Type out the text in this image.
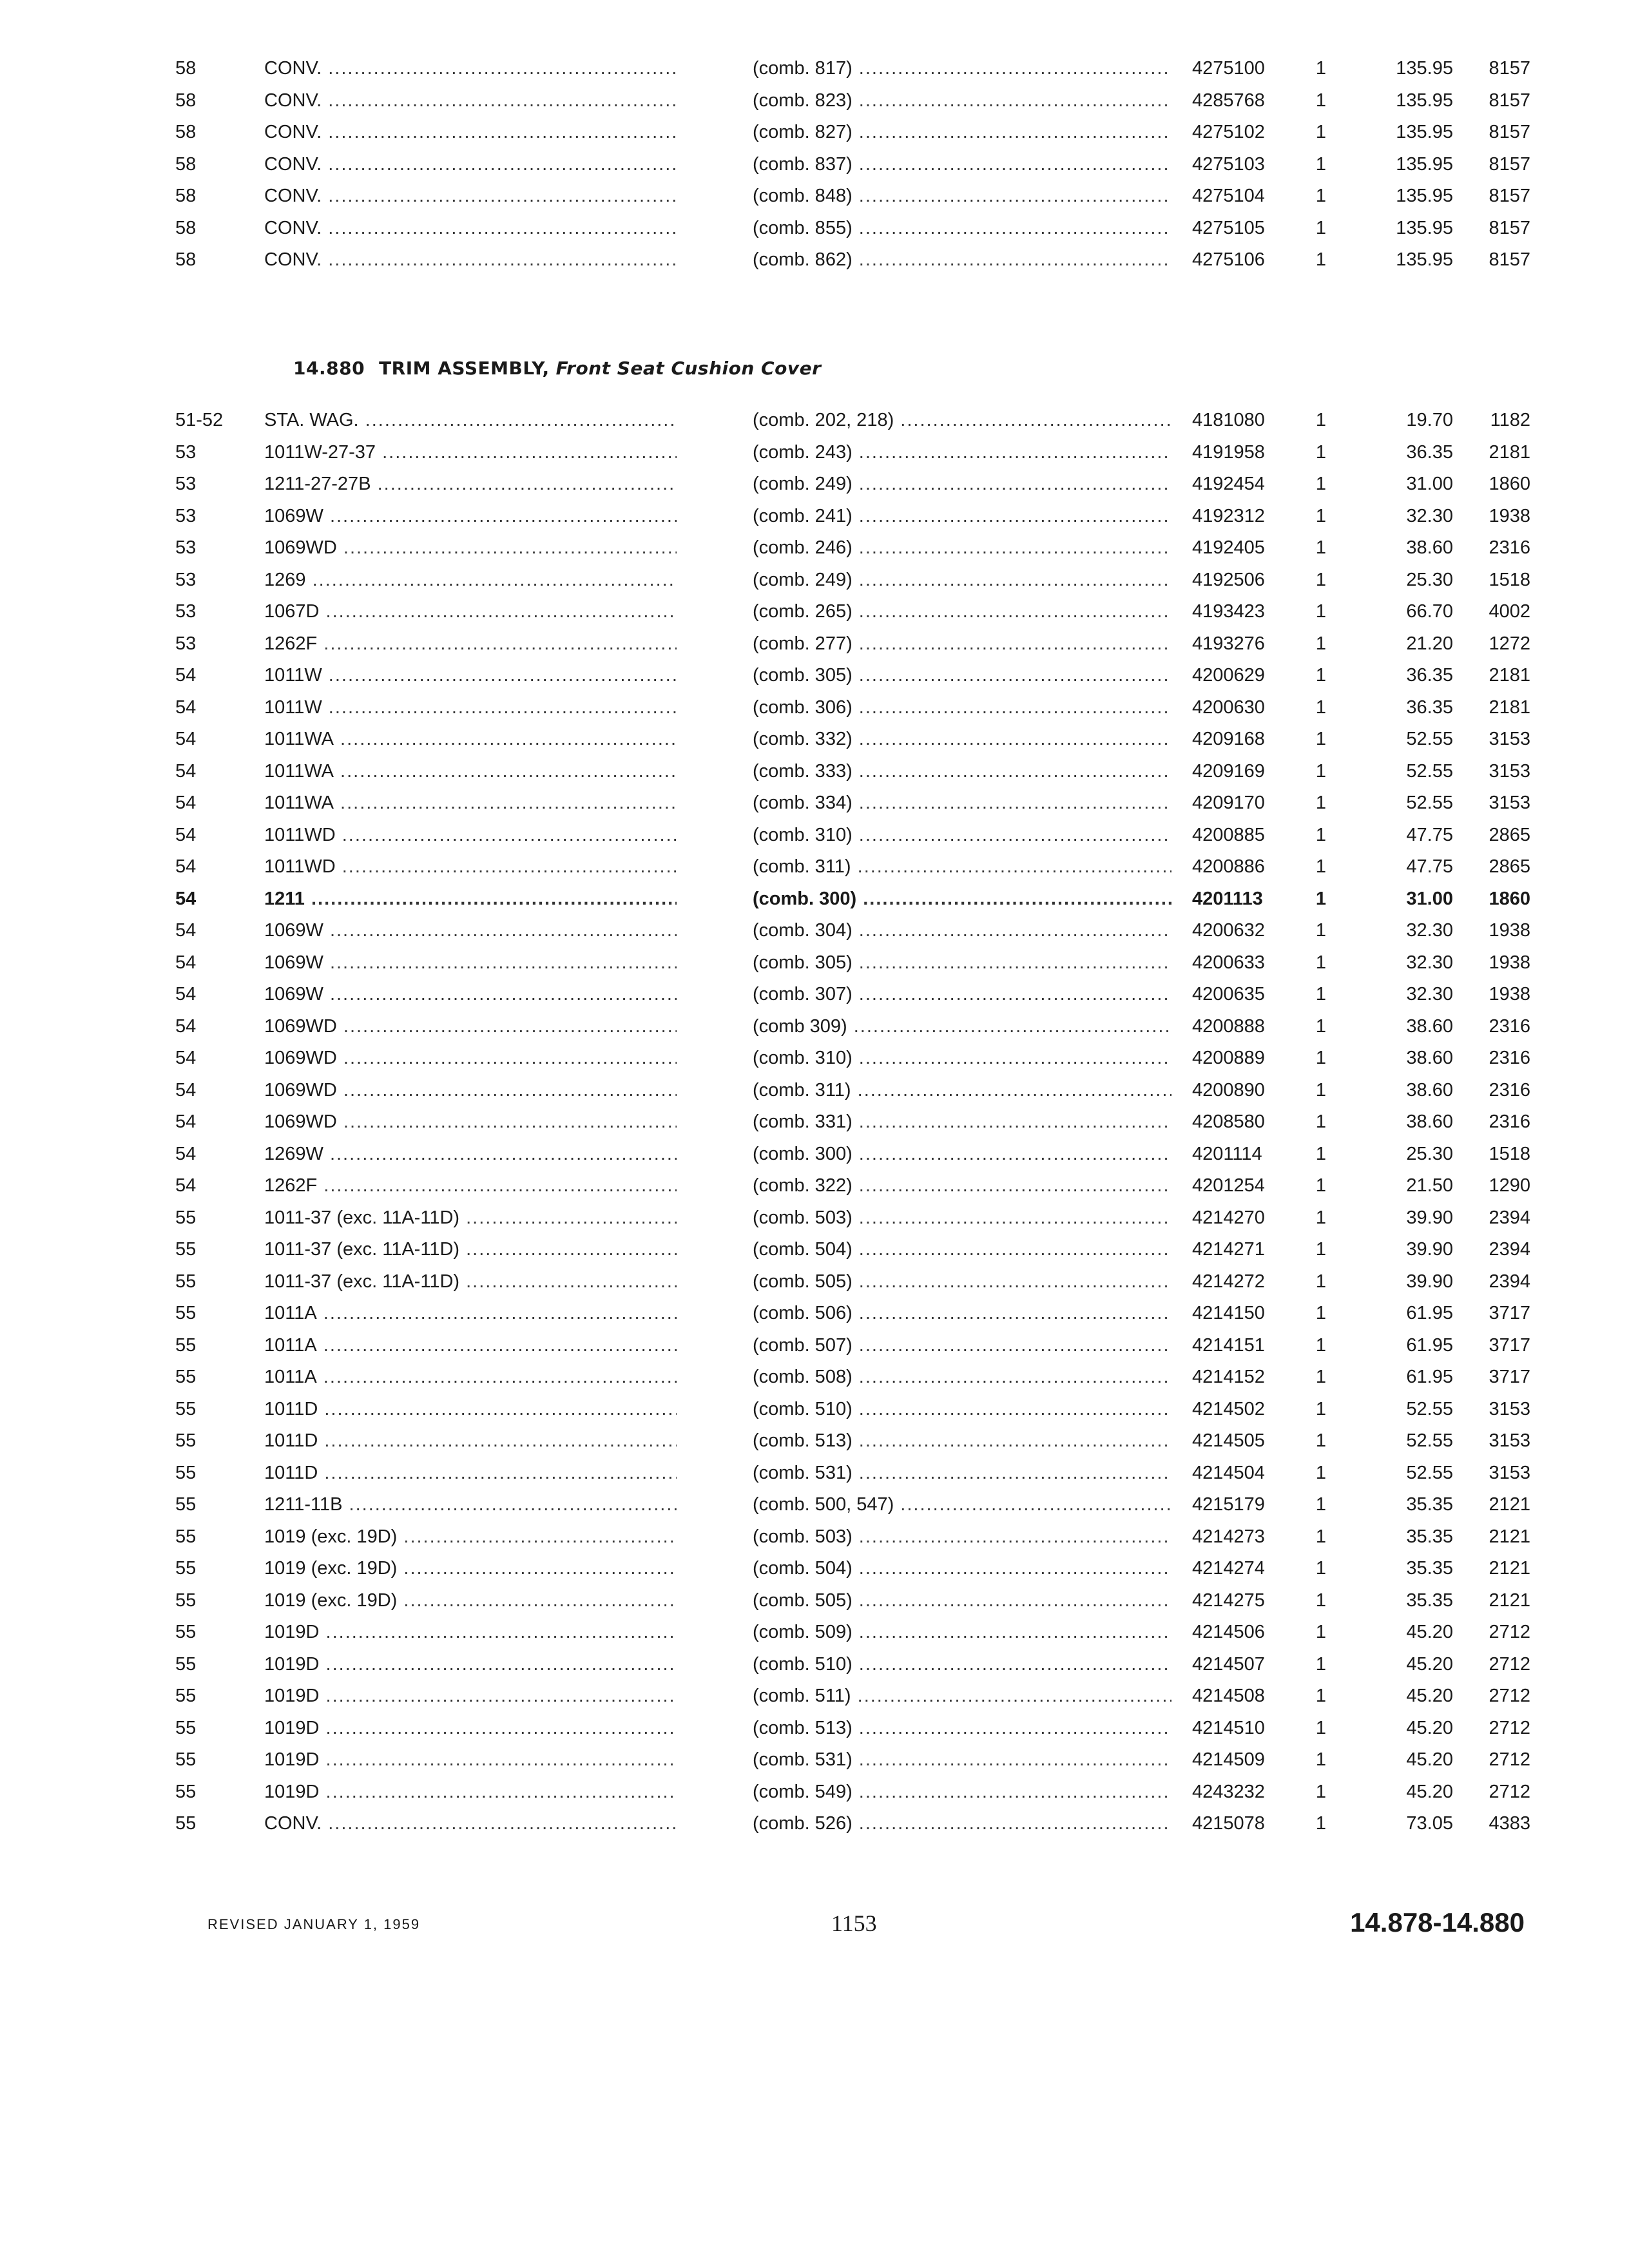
58	CONV. .....	(comb. 817) .....	4275100	1	135.95	8157
58	CONV. .....	(comb. 823) .....	4285768	1	135.95	8157
58	CONV. .....	(comb. 827) .....	4275102	1	135.95	8157
58	CONV. .....	(comb. 837) .....	4275103	1	135.95	8157
58	CONV. .....	(comb. 848) .....	4275104	1	135.95	8157
58	CONV. .....	(comb. 855) .....	4275105	1	135.95	8157
58	CONV. .....	(comb. 862) .....	4275106	1	135.95	8157
14.880 TRIM ASSEMBLY, Front Seat Cushion Cover
51-52	STA. WAG. .....	(comb. 202, 218) .....	4181080	1	19.70	1182
53	1011W-27-37 .....	(comb. 243) .....	4191958	1	36.35	2181
53	1211-27-27B .....	(comb. 249) .....	4192454	1	31.00	1860
53	1069W .....	(comb. 241) .....	4192312	1	32.30	1938
53	1069WD .....	(comb. 246) .....	4192405	1	38.60	2316
53	1269 .....	(comb. 249) .....	4192506	1	25.30	1518
53	1067D .....	(comb. 265) .....	4193423	1	66.70	4002
53	1262F .....	(comb. 277) .....	4193276	1	21.20	1272
54	1011W .....	(comb. 305) .....	4200629	1	36.35	2181
54	1011W .....	(comb. 306) .....	4200630	1	36.35	2181
54	1011WA .....	(comb. 332) .....	4209168	1	52.55	3153
54	1011WA .....	(comb. 333) .....	4209169	1	52.55	3153
54	1011WA .....	(comb. 334) .....	4209170	1	52.55	3153
54	1011WD .....	(comb. 310) .....	4200885	1	47.75	2865
54	1011WD .....	(comb. 311) .....	4200886	1	47.75	2865
54	1211 .....	(comb. 300) .....	4201113	1	31.00	1860
54	1069W .....	(comb. 304) .....	4200632	1	32.30	1938
54	1069W .....	(comb. 305) .....	4200633	1	32.30	1938
54	1069W .....	(comb. 307) .....	4200635	1	32.30	1938
54	1069WD .....	(comb 309) .....	4200888	1	38.60	2316
54	1069WD .....	(comb. 310) .....	4200889	1	38.60	2316
54	1069WD .....	(comb. 311) .....	4200890	1	38.60	2316
54	1069WD .....	(comb. 331) .....	4208580	1	38.60	2316
54	1269W .....	(comb. 300) .....	4201114	1	25.30	1518
54	1262F .....	(comb. 322) .....	4201254	1	21.50	1290
55	1011-37 (exc. 11A-11D) .....	(comb. 503) .....	4214270	1	39.90	2394
55	1011-37 (exc. 11A-11D) .....	(comb. 504) .....	4214271	1	39.90	2394
55	1011-37 (exc. 11A-11D) .....	(comb. 505) .....	4214272	1	39.90	2394
55	1011A .....	(comb. 506) .....	4214150	1	61.95	3717
55	1011A .....	(comb. 507) .....	4214151	1	61.95	3717
55	1011A .....	(comb. 508) .....	4214152	1	61.95	3717
55	1011D .....	(comb. 510) .....	4214502	1	52.55	3153
55	1011D .....	(comb. 513) .....	4214505	1	52.55	3153
55	1011D .....	(comb. 531) .....	4214504	1	52.55	3153
55	1211-11B .....	(comb. 500, 547) .....	4215179	1	35.35	2121
55	1019 (exc. 19D) .....	(comb. 503) .....	4214273	1	35.35	2121
55	1019 (exc. 19D) .....	(comb. 504) .....	4214274	1	35.35	2121
55	1019 (exc. 19D) .....	(comb. 505) .....	4214275	1	35.35	2121
55	1019D .....	(comb. 509) .....	4214506	1	45.20	2712
55	1019D .....	(comb. 510) .....	4214507	1	45.20	2712
55	1019D .....	(comb. 511) .....	4214508	1	45.20	2712
55	1019D .....	(comb. 513) .....	4214510	1	45.20	2712
55	1019D .....	(comb. 531) .....	4214509	1	45.20	2712
55	1019D .....	(comb. 549) .....	4243232	1	45.20	2712
55	CONV. .....	(comb. 526) .....	4215078	1	73.05	4383
REVISED JANUARY 1, 1959	1153	14.878-14.880
